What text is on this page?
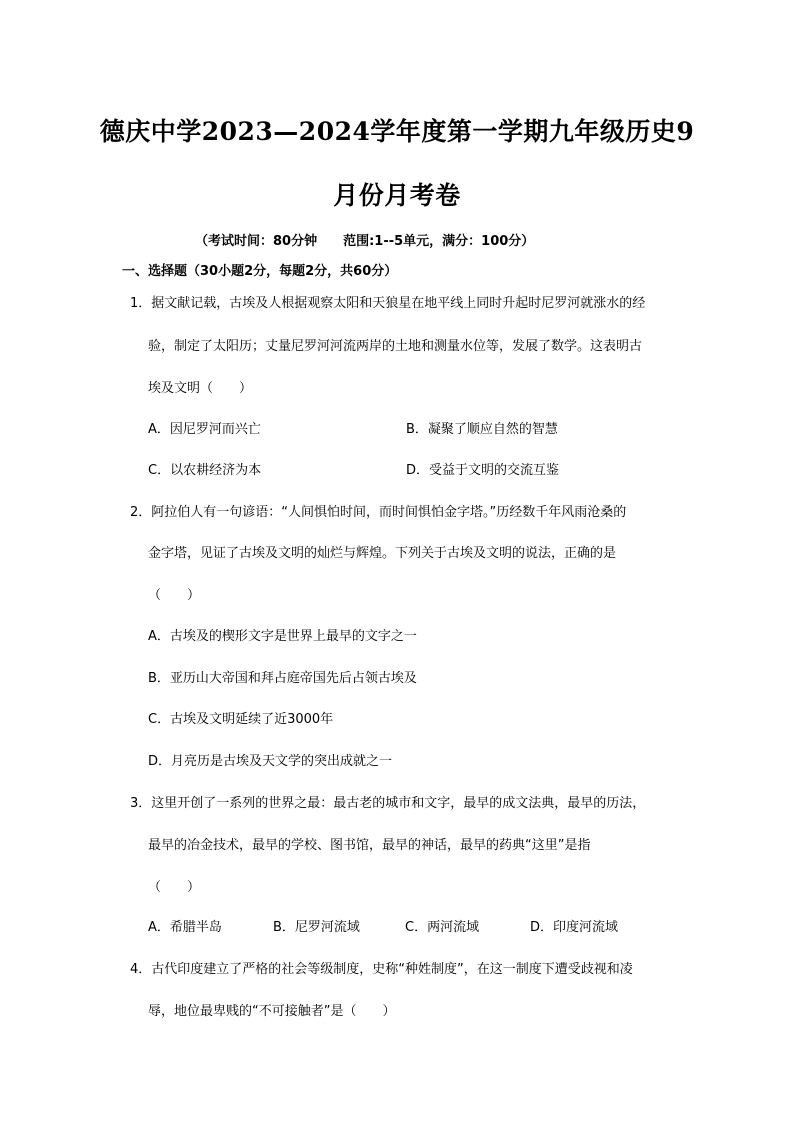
德庆中学2023—2024学年度第一学期九年级历史9
月份月考卷
（考试时间：80分钟　　范围:1--5单元，满分：100分）
一、选择题（30小题2分，每题2分，共60分）
1．据文献记载，古埃及人根据观察太阳和天狼星在地平线上同时升起时尼罗河就涨水的经
验，制定了太阳历；丈量尼罗河河流两岸的土地和测量水位等，发展了数学。这表明古
埃及文明（　　）
A．因尼罗河而兴亡	B．凝聚了顺应自然的智慧
C．以农耕经济为本	D．受益于文明的交流互鉴
2．阿拉伯人有一句谚语：“人间惧怕时间，而时间惧怕金字塔。”历经数千年风雨沧桑的
金字塔，见证了古埃及文明的灿烂与辉煌。下列关于古埃及文明的说法，正确的是
（　　）
A．古埃及的楔形文字是世界上最早的文字之一
B．亚历山大帝国和拜占庭帝国先后占领古埃及
C．古埃及文明延续了近3000年
D．月亮历是古埃及天文学的突出成就之一
3．这里开创了一系列的世界之最：最古老的城市和文字，最早的成文法典，最早的历法，
最早的冶金技术，最早的学校、图书馆，最早的神话，最早的药典“这里”是指
（　　）
A．希腊半岛	B．尼罗河流域	C．两河流域	D．印度河流域
4．古代印度建立了严格的社会等级制度，史称“种姓制度”，在这一制度下遭受歧视和凌
辱，地位最卑贱的“不可接触者”是（　　）
